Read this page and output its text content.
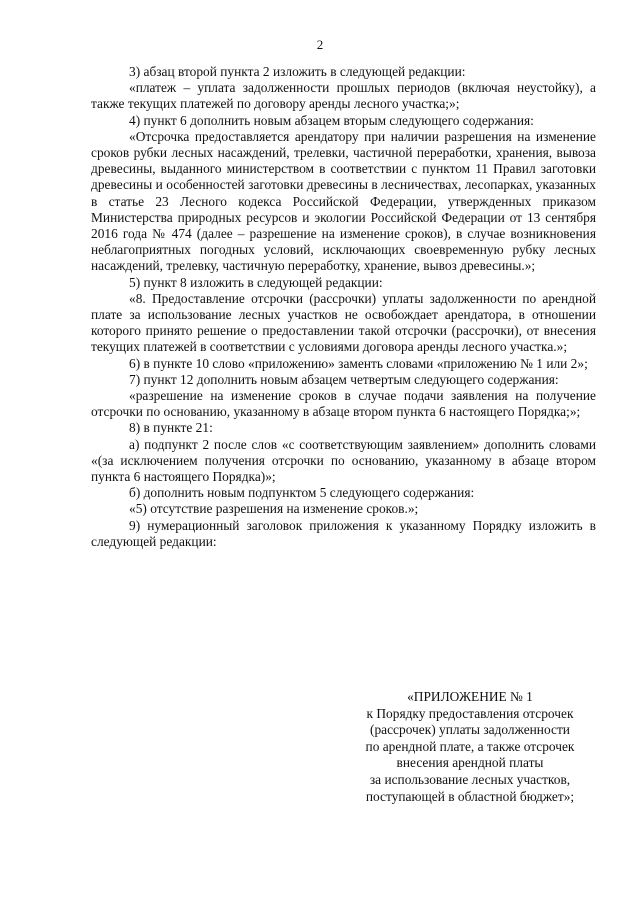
2

3) абзац второй пункта 2 изложить в следующей редакции:

«платеж – уплата задолженности прошлых периодов (включая неустойку), а также текущих платежей по договору аренды лесного участка;»;

4) пункт 6 дополнить новым абзацем вторым следующего содержания:

«Отсрочка предоставляется арендатору при наличии разрешения на изменение сроков рубки лесных насаждений, трелевки, частичной переработки, хранения, вывоза древесины, выданного министерством в соответствии с пунктом 11 Правил заготовки древесины и особенностей заготовки древесины в лесничествах, лесопарках, указанных в статье 23 Лесного кодекса Российской Федерации, утвержденных приказом Министерства природных ресурсов и экологии Российской Федерации от 13 сентября 2016 года № 474 (далее – разрешение на изменение сроков), в случае возникновения неблагоприятных погодных условий, исключающих своевременную рубку лесных насаждений, трелевку, частичную переработку, хранение, вывоз древесины.»;

5) пункт 8 изложить в следующей редакции:

«8. Предоставление отсрочки (рассрочки) уплаты задолженности по арендной плате за использование лесных участков не освобождает арендатора, в отношении которого принято решение о предоставлении такой отсрочки (рассрочки), от внесения текущих платежей в соответствии с условиями договора аренды лесного участка.»;

6) в пункте 10 слово «приложению» заменть словами «приложению № 1 или 2»;

7) пункт 12 дополнить новым абзацем четвертым следующего содержания:

«разрешение на изменение сроков в случае подачи заявления на получение отсрочки по основанию, указанному в абзаце втором пункта 6 настоящего Порядка;»;

8) в пункте 21:

а) подпункт 2 после слов «с соответствующим заявлением» дополнить словами «(за исключением получения отсрочки по основанию, указанному в абзаце втором пункта 6 настоящего Порядка)»;

б) дополнить новым подпунктом 5 следующего содержания:

«5) отсутствие разрешения на изменение сроков.»;

9) нумерационный заголовок приложения к указанному Порядку изложить в следующей редакции:

«ПРИЛОЖЕНИЕ № 1
к Порядку предоставления отсрочек
(рассрочек) уплаты задолженности
по арендной плате, а также отсрочек
внесения арендной платы
за использование лесных участков,
поступающей в областной бюджет»;
